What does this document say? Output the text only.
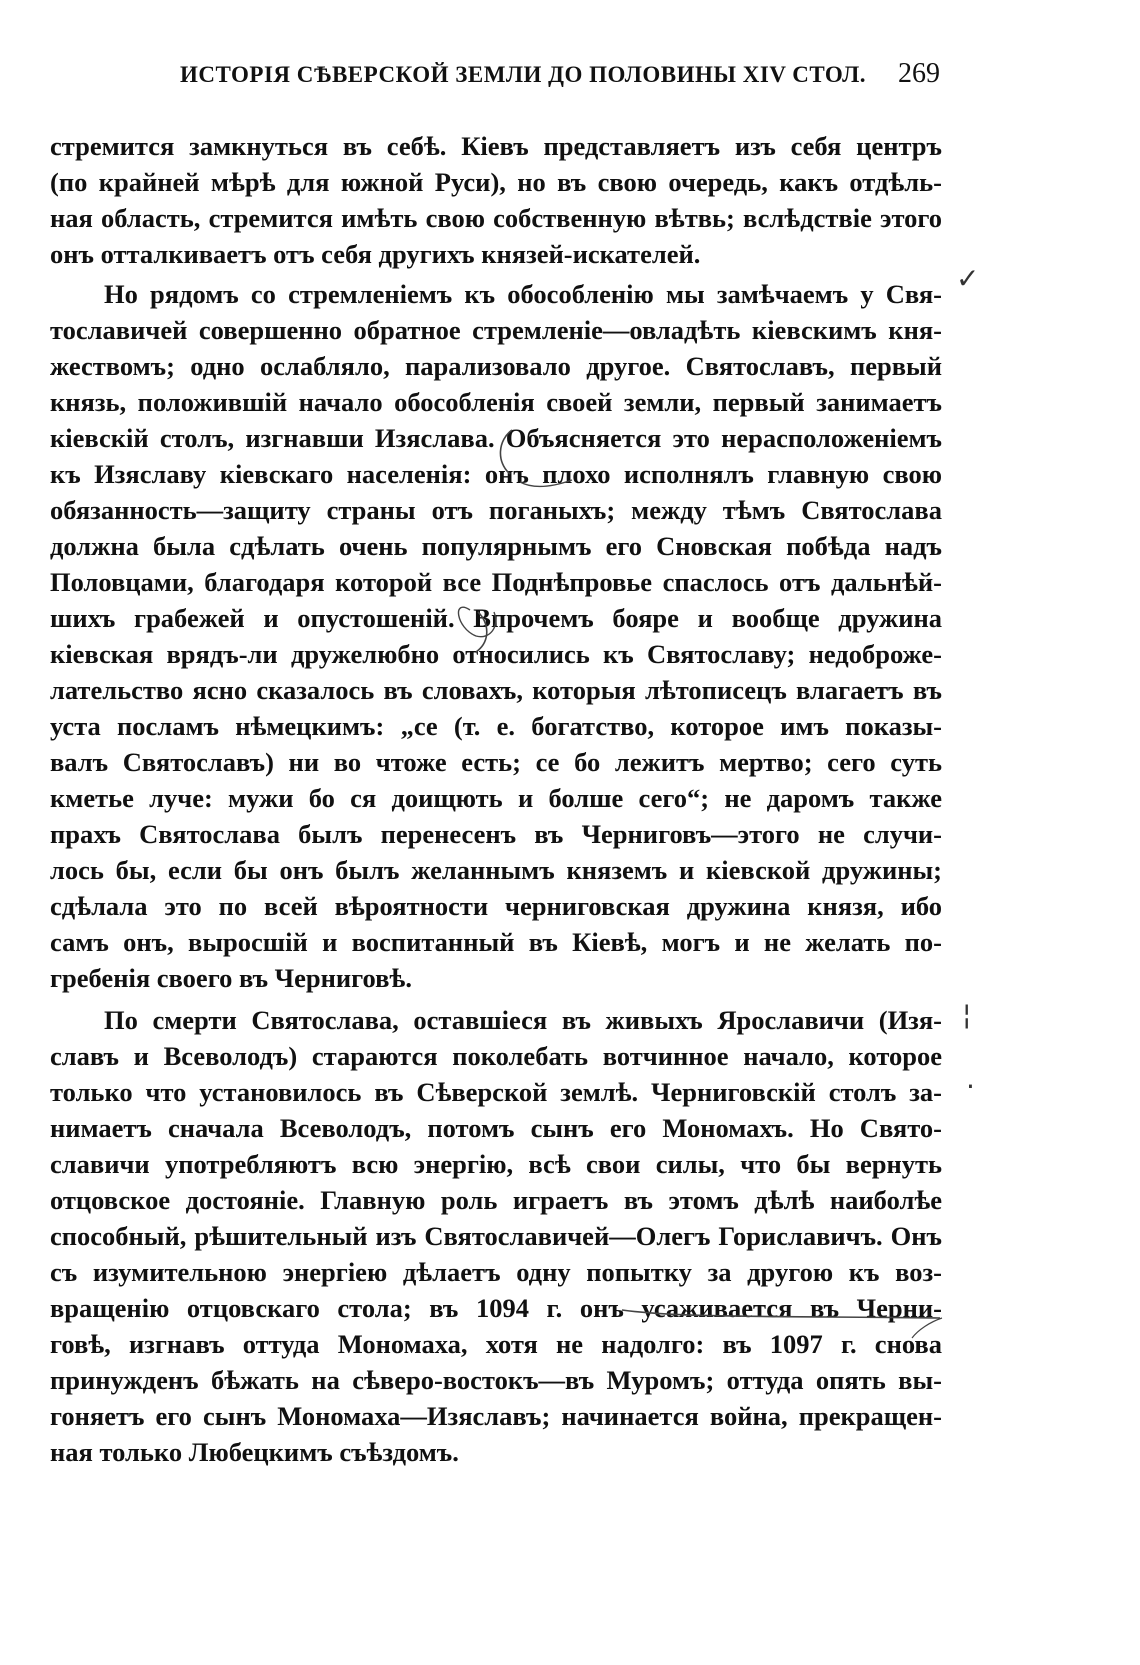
ИСТОРІЯ СѢВЕРСКОЙ ЗЕМЛИ ДО ПОЛОВИНЫ XIV СТОЛ. 269
стремится замкнуться въ себѣ. Кіевъ представляетъ изъ себя центръ
(по крайней мѣрѣ для южной Руси), но въ свою очередь, какъ отдѣль-
ная область, стремится имѣть свою собственную вѣтвь; вслѣдствіе этого
онъ отталкиваетъ отъ себя другихъ князей-искателей.
Но рядомъ со стремленіемъ къ обособленію мы замѣчаемъ у Свя-
тославичей совершенно обратное стремленіе—овладѣть кіевскимъ кня-
жествомъ; одно ослабляло, парализовало другое. Святославъ, первый
князь, положившій начало обособленія своей земли, первый занимаетъ
кіевскій столъ, изгнавши Изяслава. Объясняется это нерасположеніемъ
къ Изяславу кіевскаго населенія: онъ плохо исполнялъ главную свою
обязанность—защиту страны отъ поганыхъ; между тѣмъ Святослава
должна была сдѣлать очень популярнымъ его Сновская побѣда надъ
Половцами, благодаря которой все Поднѣпровье спаслось отъ дальнѣй-
шихъ грабежей и опустошеній. Впрочемъ бояре и вообще дружина
кіевская врядъ-ли дружелюбно относились къ Святославу; недоброже-
лательство ясно сказалось въ словахъ, которыя лѣтописецъ влагаетъ въ
уста посламъ нѣмецкимъ: „се (т. е. богатство, которое имъ показы-
валъ Святославъ) ни во чтоже есть; се бо лежитъ мертво; сего суть
кметье луче: мужи бо ся доищють и болше сего“; не даромъ также
прахъ Святослава былъ перенесенъ въ Черниговъ—этого не случи-
лось бы, если бы онъ былъ желаннымъ княземъ и кіевской дружины;
сдѣлала это по всей вѣроятности черниговская дружина князя, ибо
самъ онъ, выросшій и воспитанный въ Кіевѣ, могъ и не желать по-
гребенія своего въ Черниговѣ.
По смерти Святослава, оставшіеся въ живыхъ Ярославичи (Изя-
славъ и Всеволодъ) стараются поколебать вотчинное начало, которое
только что установилось въ Сѣверской землѣ. Черниговскій столъ за-
нимаетъ сначала Всеволодъ, потомъ сынъ его Мономахъ. Но Свято-
славичи употребляютъ всю энергію, всѣ свои силы, что бы вернуть
отцовское достояніе. Главную роль играетъ въ этомъ дѣлѣ наиболѣе
способный, рѣшительный изъ Святославичей—Олегъ Гориславичъ. Онъ
съ изумительною энергіею дѣлаетъ одну попытку за другою къ воз-
вращенію отцовскаго стола; въ 1094 г. онъ усаживается въ Черни-
говѣ, изгнавъ оттуда Мономаха, хотя не надолго: въ 1097 г. снова
принужденъ бѣжать на сѣверо-востокъ—въ Муромъ; оттуда опять вы-
гоняетъ его сынъ Мономаха—Изяславъ; начинается война, прекращен-
ная только Любецкимъ съѣздомъ.
✓
¦
·
